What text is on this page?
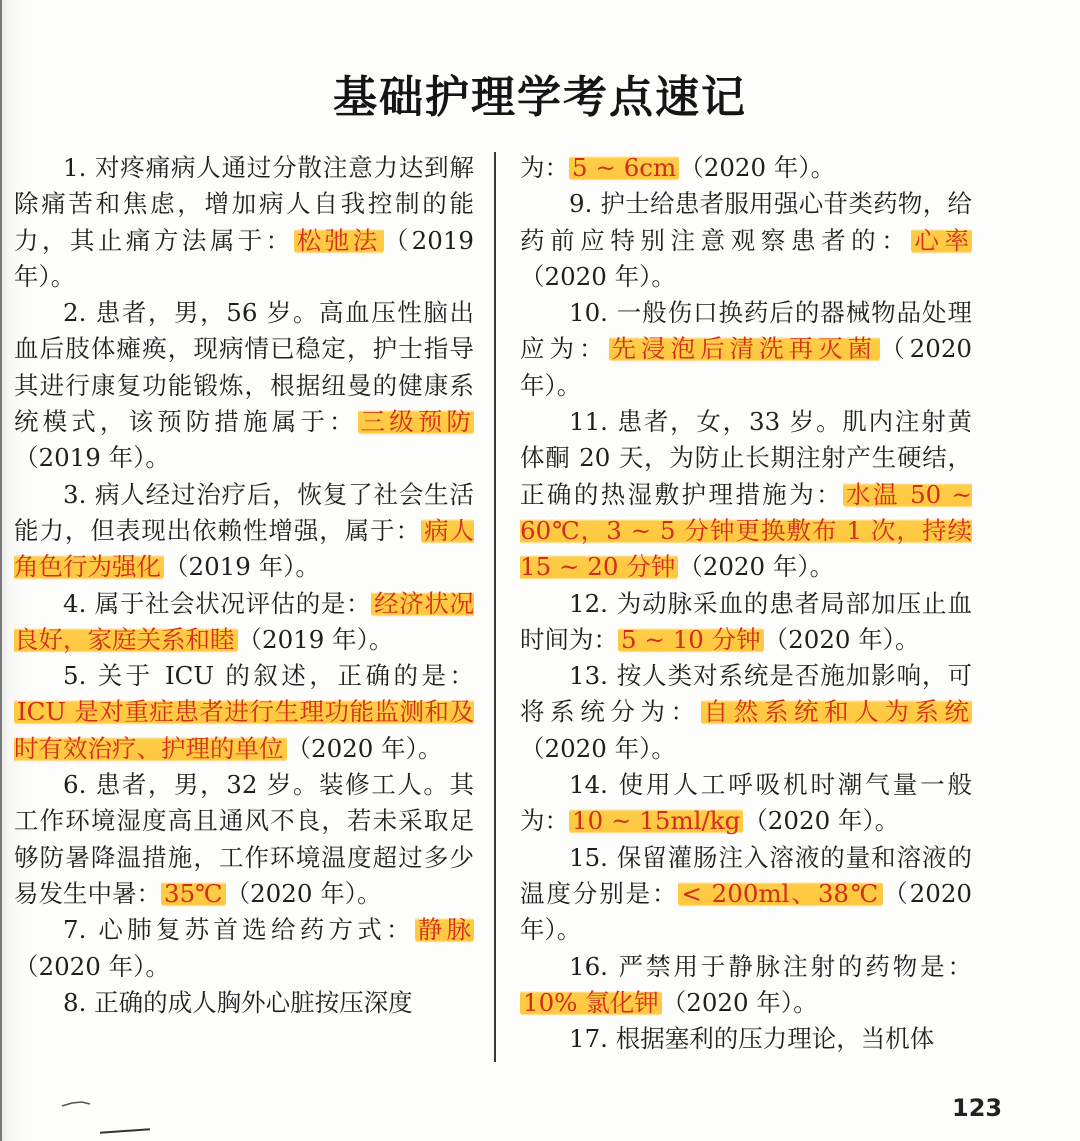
基础护理学考点速记

1. 对疼痛病人通过分散注意力达到解除痛苦和焦虑，增加病人自我控制的能力，其止痛方法属于： 松弛法 （2019 年）。

2. 患者，男，56 岁。高血压性脑出血后肢体瘫痪，现病情已稳定，护士指导其进行康复功能锻炼，根据纽曼的健康系统模式，该预防措施属于： 三级预防（2019 年）。

3. 病人经过治疗后，恢复了社会生活能力，但表现出依赖性增强，属于： 病人角色行为强化 （2019 年）。

4. 属于社会状况评估的是： 经济状况良好，家庭关系和睦 （2019 年）。

5. 关于 ICU 的叙述，正确的是：ICU 是对重症患者进行生理功能监测和及时有效治疗、护理的单位 （2020 年）。

6. 患者，男，32 岁。装修工人。其工作环境湿度高且通风不良，若未采取足够防暑降温措施，工作环境温度超过多少易发生中暑： 35℃ （2020 年）。

7. 心肺复苏首选给药方式： 静脉（2020 年）。

8. 正确的成人胸外心脏按压深度

为： 5 ~ 6cm （2020 年）。

9. 护士给患者服用强心苷类药物，给药前应特别注意观察患者的： 心率（2020 年）。

10. 一般伤口换药后的器械物品处理应为： 先浸泡后清洗再灭菌 （2020 年）。

11. 患者，女，33 岁。肌内注射黄体酮 20 天，为防止长期注射产生硬结，正确的热湿敷护理措施为： 水温 50 ~ 60℃，3 ~ 5 分钟更换敷布 1 次，持续 15 ~ 20 分钟 （2020 年）。

12. 为动脉采血的患者局部加压止血时间为： 5 ~ 10 分钟 （2020 年）。

13. 按人类对系统是否施加影响，可将系统分为： 自然系统和人为系统（2020 年）。

14. 使用人工呼吸机时潮气量一般为： 10 ~ 15ml/kg （2020 年）。

15. 保留灌肠注入溶液的量和溶液的温度分别是： < 200ml、38℃ （2020 年）。

16. 严禁用于静脉注射的药物是：10% 氯化钾 （2020 年）。

17. 根据塞利的压力理论，当机体

123
